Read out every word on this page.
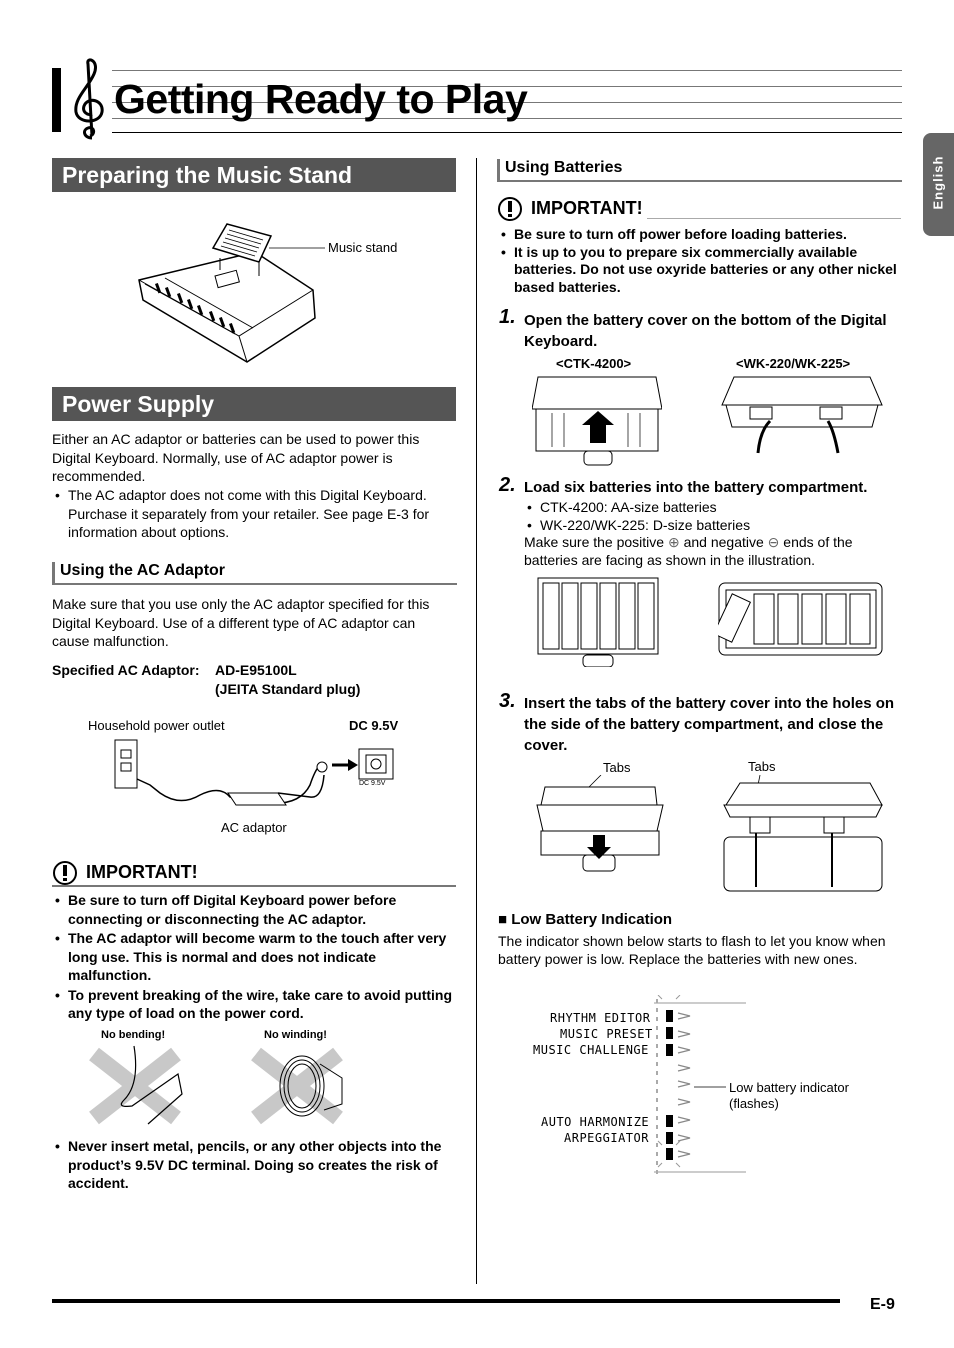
Getting Ready to Play
English
Preparing the Music Stand
Music stand
Power Supply
Either an AC adaptor or batteries can be used to power this Digital Keyboard. Normally, use of AC adaptor power is recommended.
• The AC adaptor does not come with this Digital Keyboard. Purchase it separately from your retailer. See page E-3 for information about options.
Using the AC Adaptor
Make sure that you use only the AC adaptor specified for this Digital Keyboard. Use of a different type of AC adaptor can cause malfunction.
Specified AC Adaptor: AD-E95100L
(JEITA Standard plug)
Household power outlet	DC 9.5V
DC 9.5V
AC adaptor
IMPORTANT!
• Be sure to turn off Digital Keyboard power before connecting or disconnecting the AC adaptor.
• The AC adaptor will become warm to the touch after very long use. This is normal and does not indicate malfunction.
• To prevent breaking of the wire, take care to avoid putting any type of load on the power cord.
No bending!	No winding!
• Never insert metal, pencils, or any other objects into the product’s 9.5V DC terminal. Doing so creates the risk of accident.
Using Batteries
IMPORTANT!
• Be sure to turn off power before loading batteries.
• It is up to you to prepare six commercially available batteries. Do not use oxyride batteries or any other nickel based batteries.
1. Open the battery cover on the bottom of the Digital Keyboard.
<CTK-4200>	<WK-220/WK-225>
2. Load six batteries into the battery compartment.
• CTK-4200: AA-size batteries
• WK-220/WK-225: D-size batteries
Make sure the positive ⊕ and negative ⊖ ends of the batteries are facing as shown in the illustration.
3. Insert the tabs of the battery cover into the holes on the side of the battery compartment, and close the cover.
Tabs	Tabs
■ Low Battery Indication
The indicator shown below starts to flash to let you know when battery power is low. Replace the batteries with new ones.
RHYTHM EDITOR
MUSIC PRESET
MUSIC CHALLENGE
AUTO HARMONIZE
ARPEGGIATOR
Low battery indicator
(flashes)
E-9
